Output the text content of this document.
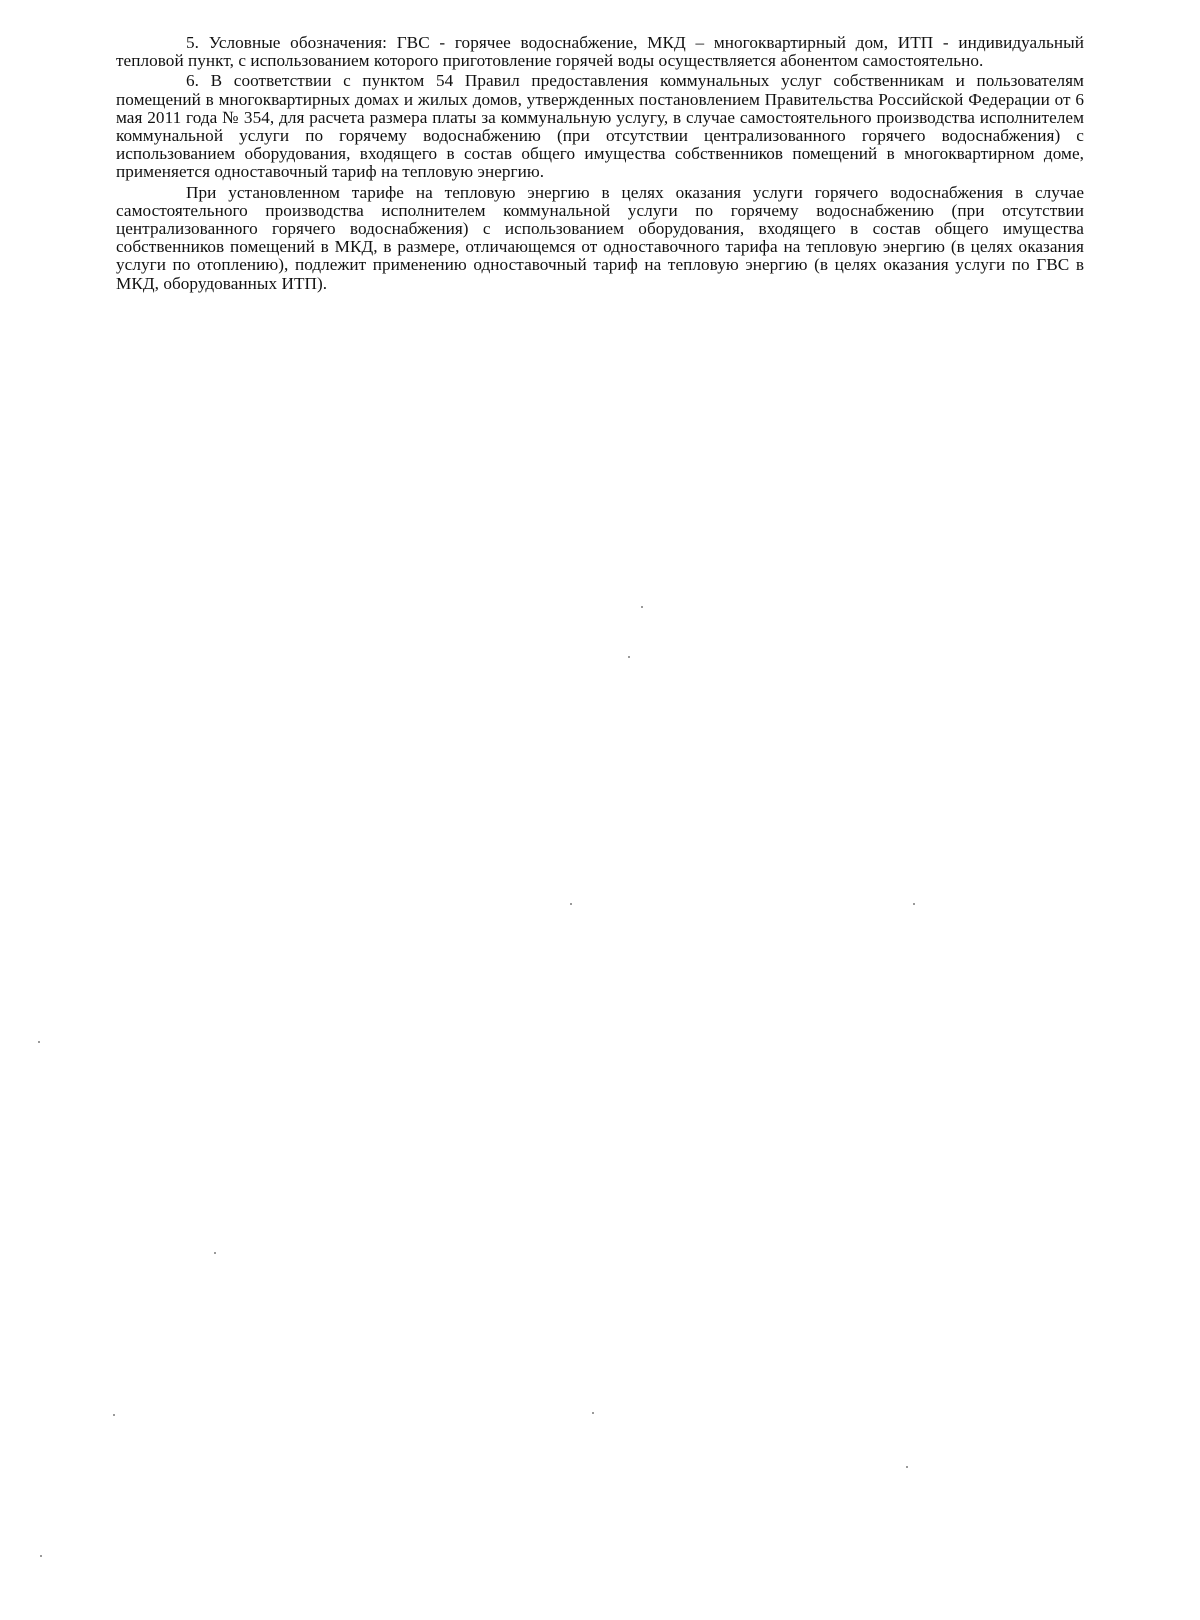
5. Условные обозначения: ГВС - горячее водоснабжение, МКД – многоквартирный дом, ИТП - индивидуальный тепловой пункт, с использованием которого приготовление горячей воды осуществляется абонентом самостоятельно.

6. В соответствии с пунктом 54 Правил предоставления коммунальных услуг собственникам и пользователям помещений в многоквартирных домах и жилых домов, утвержденных постановлением Правительства Российской Федерации от 6 мая 2011 года № 354, для расчета размера платы за коммунальную услугу, в случае самостоятельного производства исполнителем коммунальной услуги по горячему водоснабжению (при отсутствии централизованного горячего водоснабжения) с использованием оборудования, входящего в состав общего имущества собственников помещений в многоквартирном доме, применяется одноставочный тариф на тепловую энергию.

При установленном тарифе на тепловую энергию в целях оказания услуги горячего водоснабжения в случае самостоятельного производства исполнителем коммунальной услуги по горячему водоснабжению (при отсутствии централизованного горячего водоснабжения) с использованием оборудования, входящего в состав общего имущества собственников помещений в МКД, в размере, отличающемся от одноставочного тарифа на тепловую энергию (в целях оказания услуги по отоплению), подлежит применению одноставочный тариф на тепловую энергию (в целях оказания услуги по ГВС в МКД, оборудованных ИТП).
